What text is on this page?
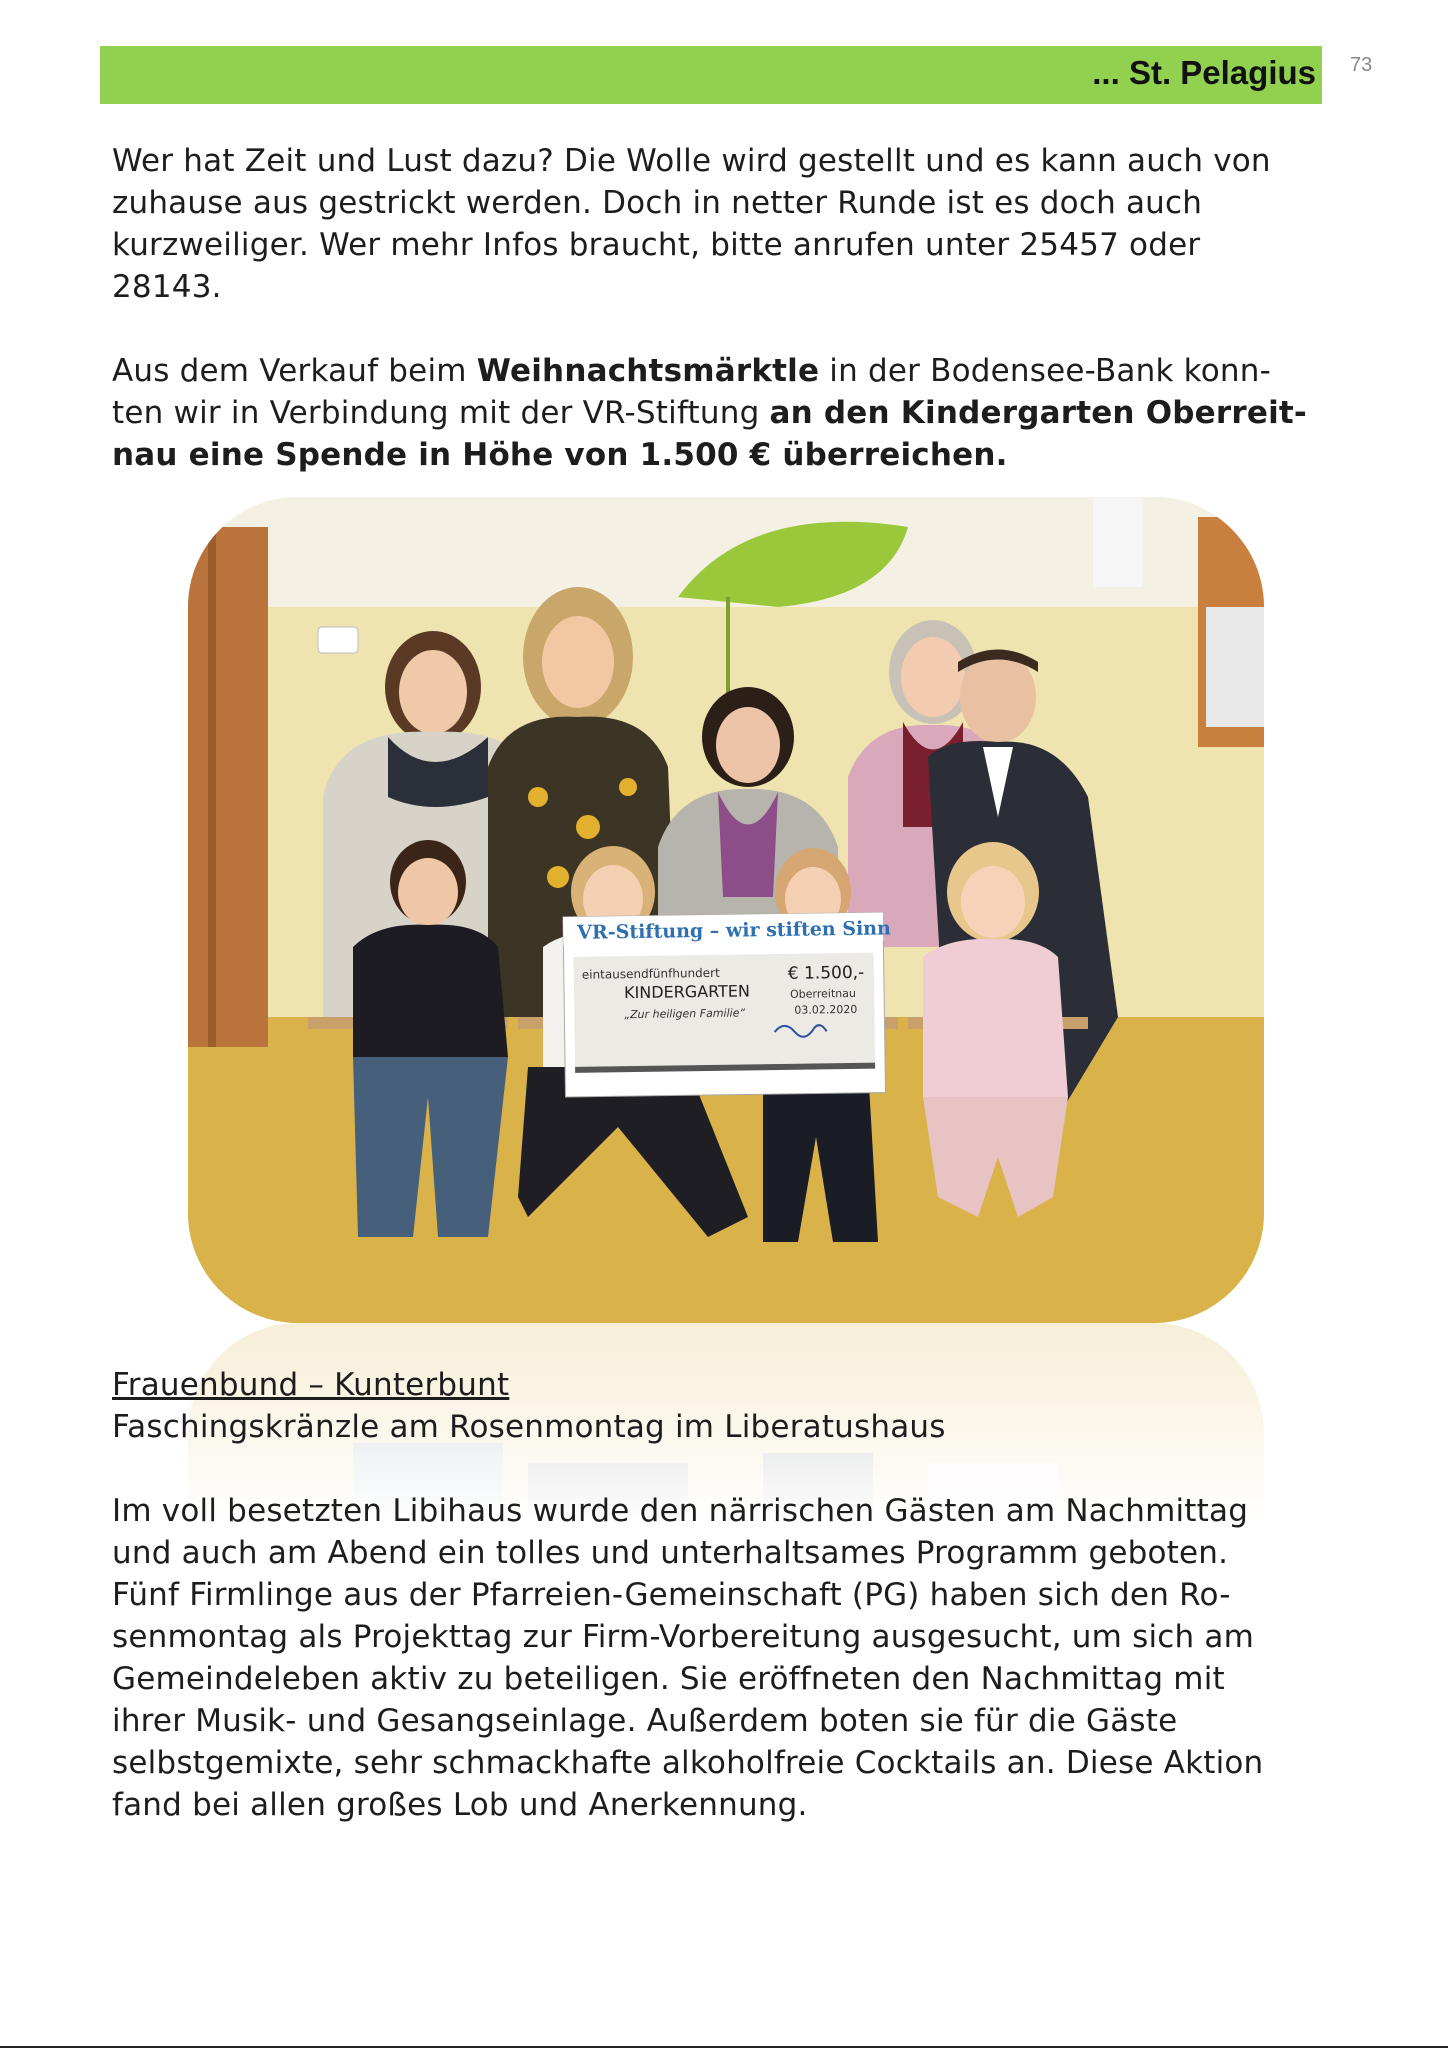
... St. Pelagius 73

Wer hat Zeit und Lust dazu? Die Wolle wird gestellt und es kann auch von

zuhause aus gestrickt werden. Doch in netter Runde ist es doch auch

kurzweiliger. Wer mehr Infos braucht, bitte anrufen unter 25457 oder

28143.

Aus dem Verkauf beim Weihnachtsmärktle in der Bodensee-Bank konn-

ten wir in Verbindung mit der VR-Stiftung an den Kindergarten Oberreit-

nau eine Spende in Höhe von 1.500 € überreichen.

VR-Stiftung – wir stiften Sinn
eintausendfünfhundert
KINDERGARTEN
„Zur heiligen Familie“
€ 1.500,-
Oberreitnau
03.02.2020

Frauenbund – Kunterbunt

Faschingskränzle am Rosenmontag im Liberatushaus

Im voll besetzten Libihaus wurde den närrischen Gästen am Nachmittag

und auch am Abend ein tolles und unterhaltsames Programm geboten.

Fünf Firmlinge aus der Pfarreien-Gemeinschaft (PG) haben sich den Ro-

senmontag als Projekttag zur Firm-Vorbereitung ausgesucht, um sich am

Gemeindeleben aktiv zu beteiligen. Sie eröffneten den Nachmittag mit

ihrer Musik- und Gesangseinlage. Außerdem boten sie für die Gäste

selbstgemixte, sehr schmackhafte alkoholfreie Cocktails an. Diese Aktion

fand bei allen großes Lob und Anerkennung.
